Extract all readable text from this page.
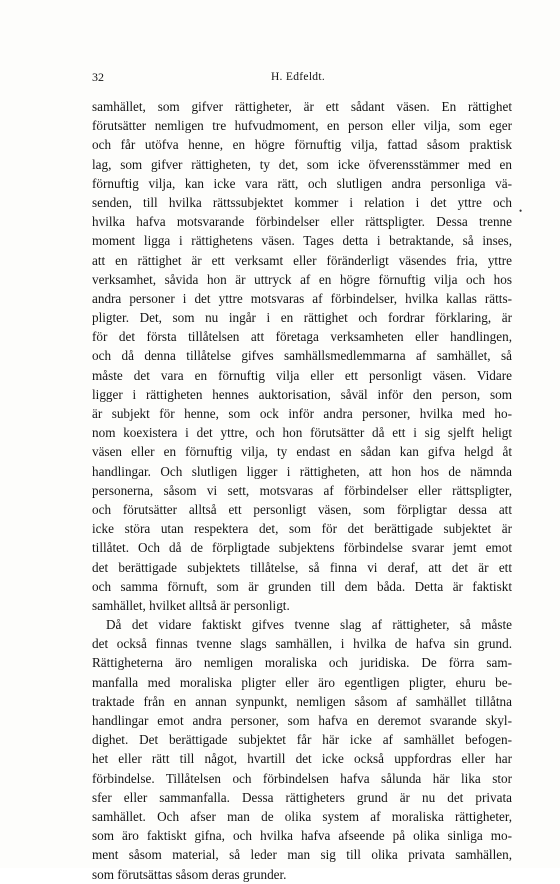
32	H. Edfeldt.
•
samhället, som gifver rättigheter, är ett sådant väsen. En rättighet
förutsätter nemligen tre hufvudmoment, en person eller vilja, som eger
och får utöfva henne, en högre förnuftig vilja, fattad såsom praktisk
lag, som gifver rättigheten, ty det, som icke öfverensstämmer med en
förnuftig vilja, kan icke vara rätt, och slutligen andra personliga vä-
senden, till hvilka rättssubjektet kommer i relation i det yttre och
hvilka hafva motsvarande förbindelser eller rättspligter. Dessa trenne
moment ligga i rättighetens väsen. Tages detta i betraktande, så inses,
att en rättighet är ett verksamt eller föränderligt väsendes fria, yttre
verksamhet, såvida hon är uttryck af en högre förnuftig vilja och hos
andra personer i det yttre motsvaras af förbindelser, hvilka kallas rätts-
pligter. Det, som nu ingår i en rättighet och fordrar förklaring, är
för det första tillåtelsen att företaga verksamheten eller handlingen,
och då denna tillåtelse gifves samhällsmedlemmarna af samhället, så
måste det vara en förnuftig vilja eller ett personligt väsen. Vidare
ligger i rättigheten hennes auktorisation, såväl inför den person, som
är subjekt för henne, som ock inför andra personer, hvilka med ho-
nom koexistera i det yttre, och hon förutsätter då ett i sig sjelft heligt
väsen eller en förnuftig vilja, ty endast en sådan kan gifva helgd åt
handlingar. Och slutligen ligger i rättigheten, att hon hos de nämnda
personerna, såsom vi sett, motsvaras af förbindelser eller rättspligter,
och förutsätter alltså ett personligt väsen, som förpligtar dessa att
icke störa utan respektera det, som för det berättigade subjektet är
tillåtet. Och då de förpligtade subjektens förbindelse svarar jemt emot
det berättigade subjektets tillåtelse, så finna vi deraf, att det är ett
och samma förnuft, som är grunden till dem båda. Detta är faktiskt
samhället, hvilket alltså är personligt.
Då det vidare faktiskt gifves tvenne slag af rättigheter, så måste
det också finnas tvenne slags samhällen, i hvilka de hafva sin grund.
Rättigheterna äro nemligen moraliska och juridiska. De förra sam-
manfalla med moraliska pligter eller äro egentligen pligter, ehuru be-
traktade från en annan synpunkt, nemligen såsom af samhället tillåtna
handlingar emot andra personer, som hafva en deremot svarande skyl-
dighet. Det berättigade subjektet får här icke af samhället befogen-
het eller rätt till något, hvartill det icke också uppfordras eller har
förbindelse. Tillåtelsen och förbindelsen hafva sålunda här lika stor
sfer eller sammanfalla. Dessa rättigheters grund är nu det privata
samhället. Och afser man de olika system af moraliska rättigheter,
som äro faktiskt gifna, och hvilka hafva afseende på olika sinliga mo-
ment såsom material, så leder man sig till olika privata samhällen,
som förutsättas såsom deras grunder.
